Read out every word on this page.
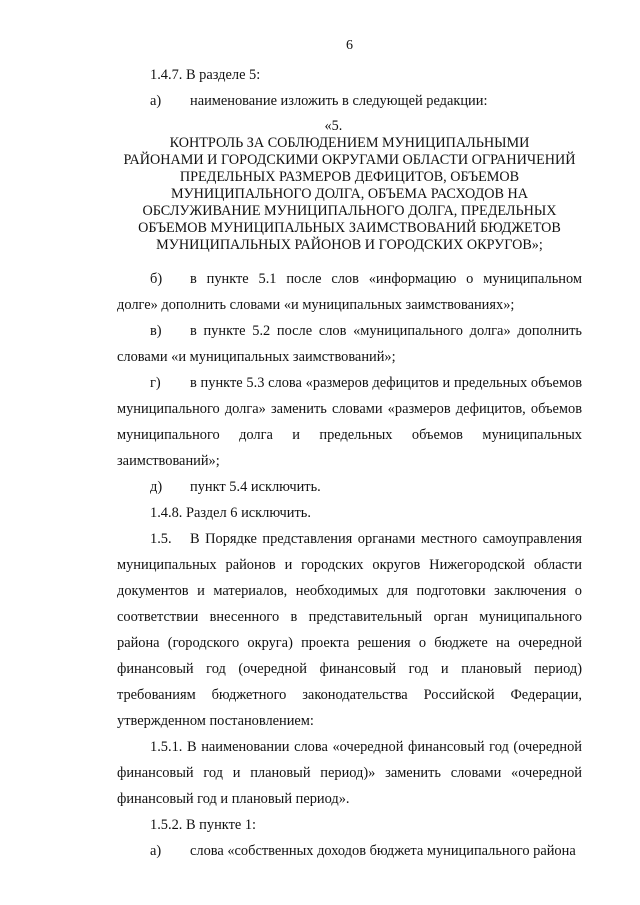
6

1.4.7. В разделе 5:

а) наименование изложить в следующей редакции:

«5.
КОНТРОЛЬ ЗА СОБЛЮДЕНИЕМ МУНИЦИПАЛЬНЫМИ
РАЙОНАМИ И ГОРОДСКИМИ ОКРУГАМИ ОБЛАСТИ ОГРАНИЧЕНИЙ
ПРЕДЕЛЬНЫХ РАЗМЕРОВ ДЕФИЦИТОВ, ОБЪЕМОВ
МУНИЦИПАЛЬНОГО ДОЛГА, ОБЪЕМА РАСХОДОВ НА
ОБСЛУЖИВАНИЕ МУНИЦИПАЛЬНОГО ДОЛГА, ПРЕДЕЛЬНЫХ
ОБЪЕМОВ МУНИЦИПАЛЬНЫХ ЗАИМСТВОВАНИЙ БЮДЖЕТОВ
МУНИЦИПАЛЬНЫХ РАЙОНОВ И ГОРОДСКИХ ОКРУГОВ»;

б) в пункте 5.1 после слов «информацию о муниципальном долге» дополнить словами «и муниципальных заимствованиях»;

в) в пункте 5.2 после слов «муниципального долга» дополнить словами «и муниципальных заимствований»;

г) в пункте 5.3 слова «размеров дефицитов и предельных объемов муниципального долга» заменить словами «размеров дефицитов, объемов муниципального долга и предельных объемов муниципальных заимствований»;

д) пункт 5.4 исключить.

1.4.8. Раздел 6 исключить.

1.5. В Порядке представления органами местного самоуправления муниципальных районов и городских округов Нижегородской области документов и материалов, необходимых для подготовки заключения о соответствии внесенного в представительный орган муниципального района (городского округа) проекта решения о бюджете на очередной финансовый год (очередной финансовый год и плановый период) требованиям бюджетного законодательства Российской Федерации, утвержденном постановлением:

1.5.1. В наименовании слова «очередной финансовый год (очередной финансовый год и плановый период)» заменить словами «очередной финансовый год и плановый период».

1.5.2. В пункте 1:

а) слова «собственных доходов бюджета муниципального района
